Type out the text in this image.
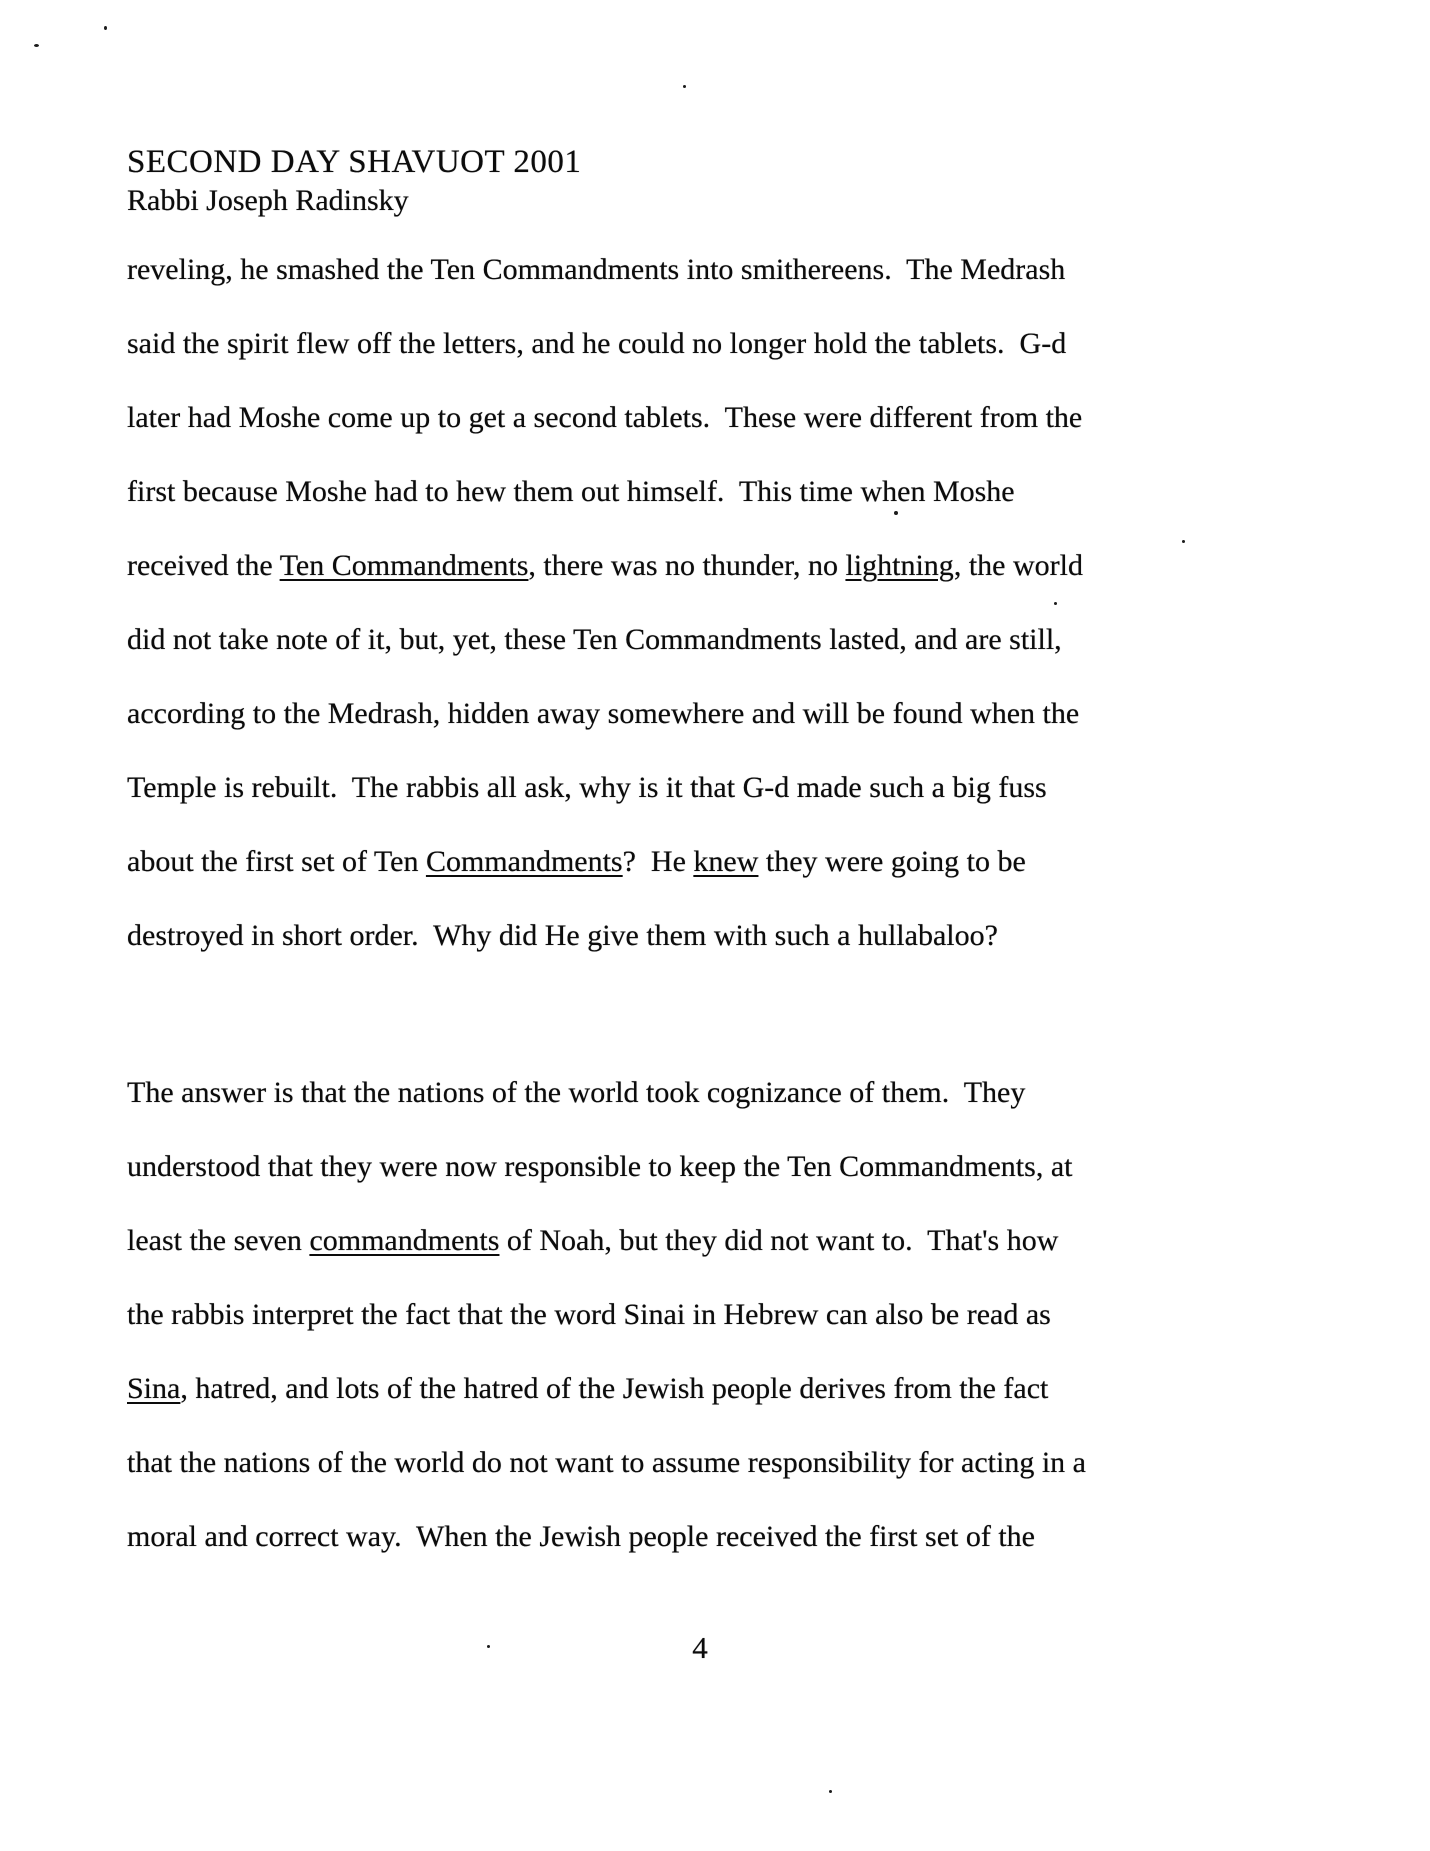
SECOND DAY SHAVUOT 2001
Rabbi Joseph Radinsky
reveling, he smashed the Ten Commandments into smithereens.  The Medrash
said the spirit flew off the letters, and he could no longer hold the tablets.  G-d
later had Moshe come up to get a second tablets.  These were different from the
first because Moshe had to hew them out himself.  This time when Moshe
received the Ten Commandments, there was no thunder, no lightning, the world
did not take note of it, but, yet, these Ten Commandments lasted, and are still,
according to the Medrash, hidden away somewhere and will be found when the
Temple is rebuilt.  The rabbis all ask, why is it that G-d made such a big fuss
about the first set of Ten Commandments?  He knew they were going to be
destroyed in short order.  Why did He give them with such a hullabaloo?
The answer is that the nations of the world took cognizance of them.  They
understood that they were now responsible to keep the Ten Commandments, at
least the seven commandments of Noah, but they did not want to.  That's how
the rabbis interpret the fact that the word Sinai in Hebrew can also be read as
Sina, hatred, and lots of the hatred of the Jewish people derives from the fact
that the nations of the world do not want to assume responsibility for acting in a
moral and correct way.  When the Jewish people received the first set of the
4
